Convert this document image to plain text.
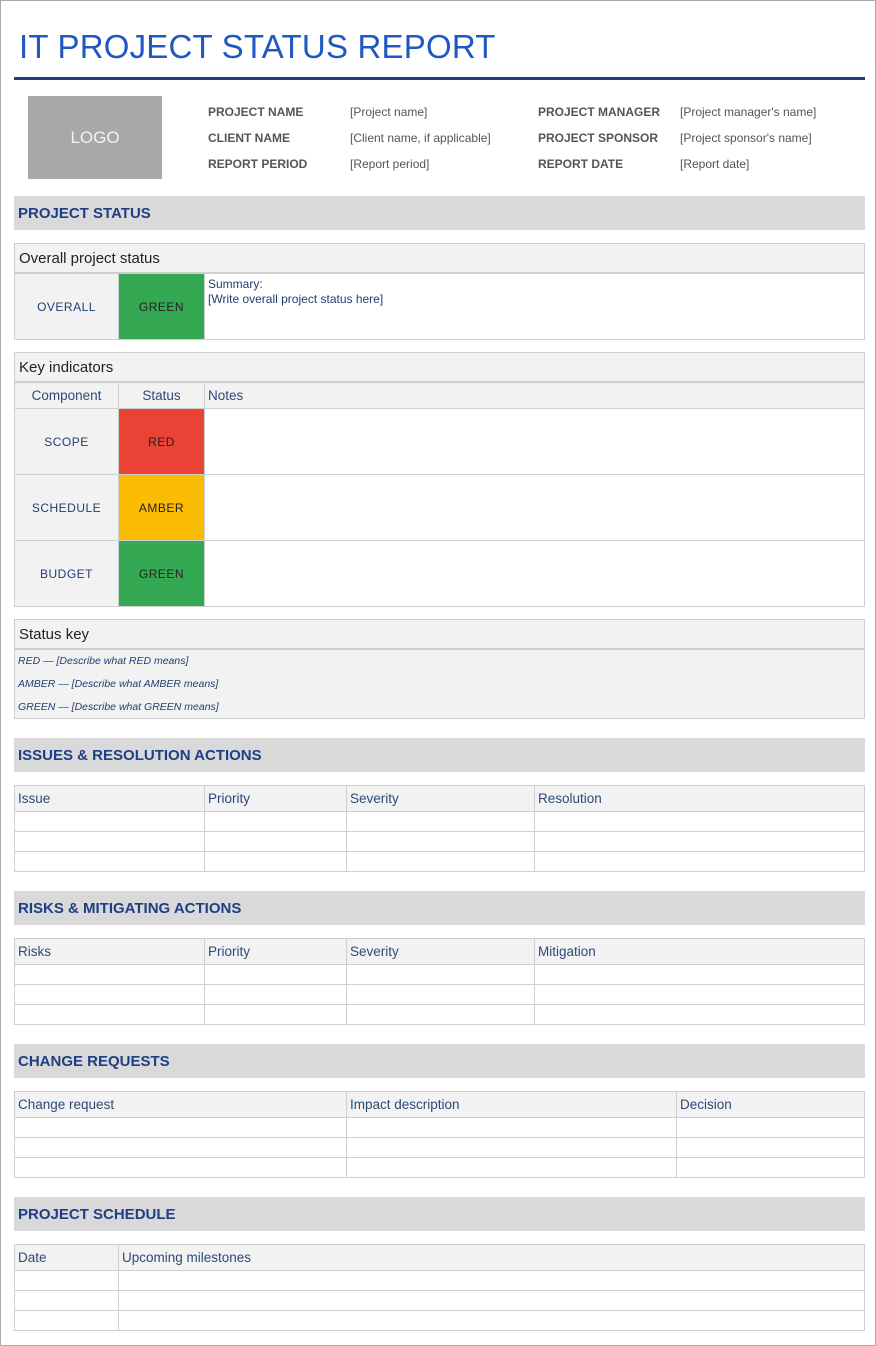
IT PROJECT STATUS REPORT
LOGO
PROJECT NAME	[Project name]
CLIENT NAME	[Client name, if applicable]
REPORT PERIOD	[Report period]
PROJECT MANAGER [Project manager's name]
PROJECT SPONSOR [Project sponsor's name]
REPORT DATE	[Report date]
PROJECT STATUS
Overall project status
OVERALL	GREEN
Summary:
[Write overall project status here]
Key indicators
Component	Status	Notes
SCOPE	RED
SCHEDULE	AMBER
BUDGET	GREEN
Status key
RED — [Describe what RED means]
AMBER — [Describe what AMBER means]
GREEN — [Describe what GREEN means]
ISSUES & RESOLUTION ACTIONS
Issue	Priority	Severity	Resolution
RISKS & MITIGATING ACTIONS
Risks	Priority	Severity	Mitigation
CHANGE REQUESTS
Change request	Impact description	Decision
PROJECT SCHEDULE
Date	Upcoming milestones
